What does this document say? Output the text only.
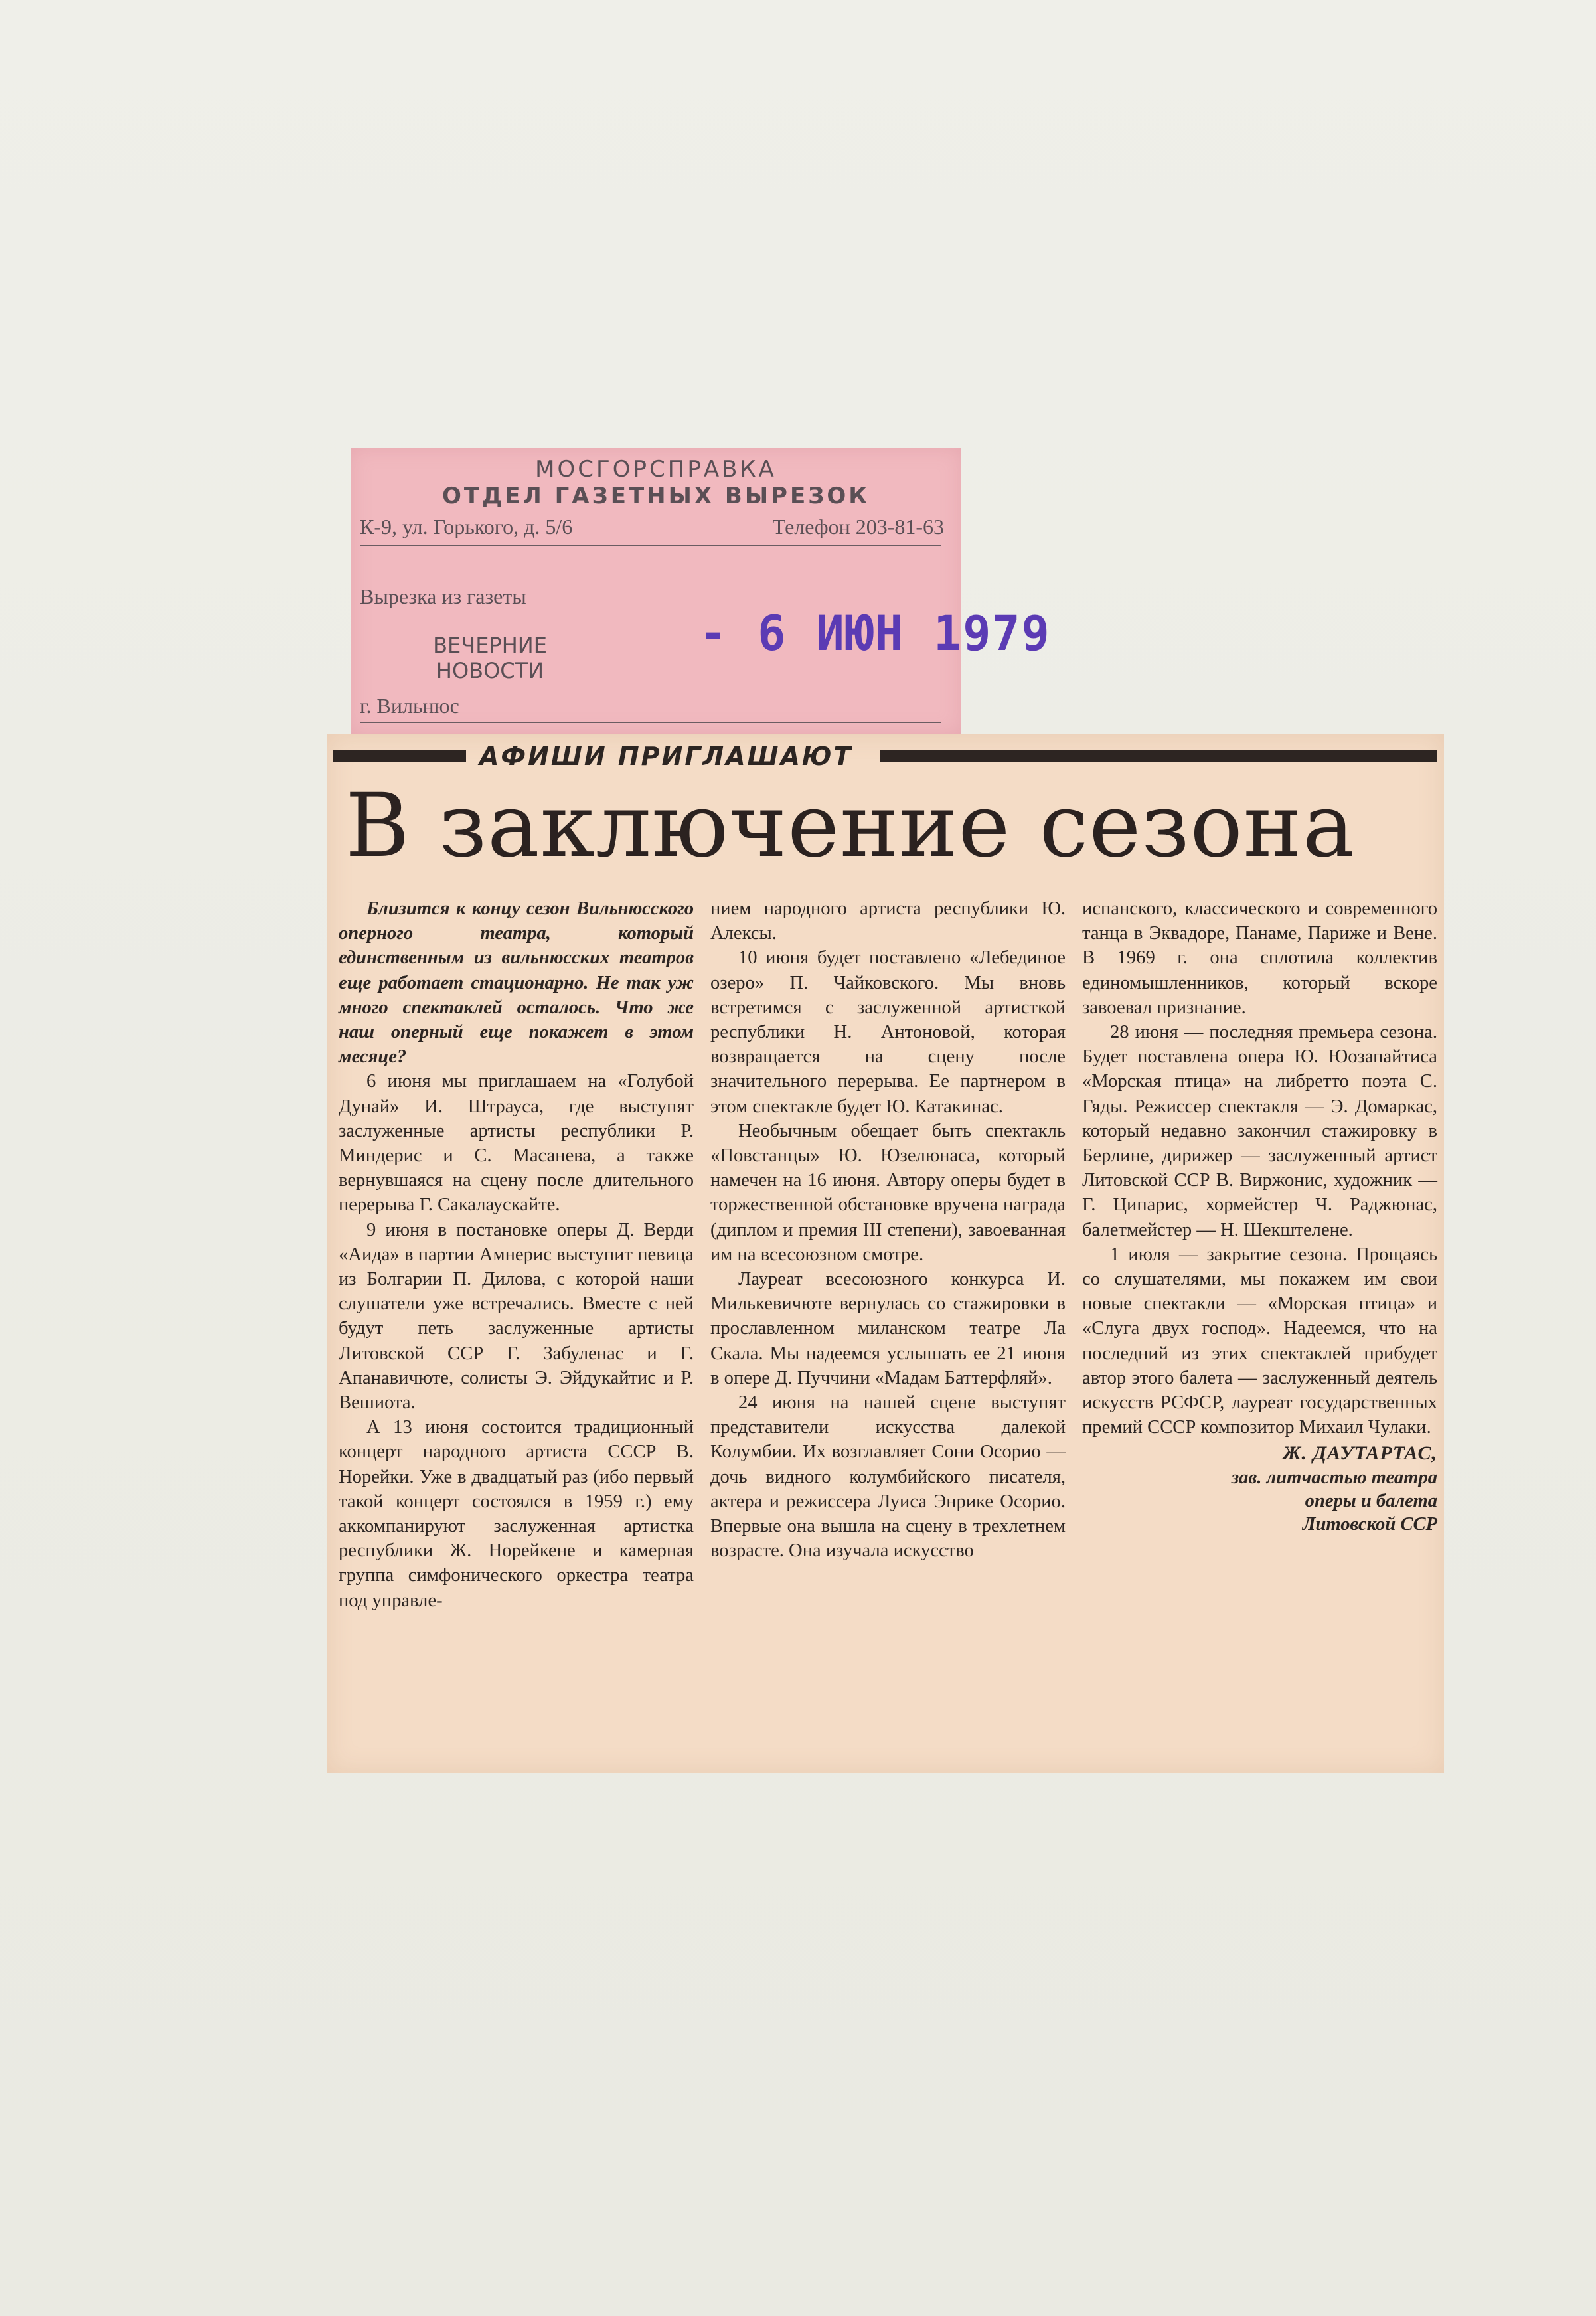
МОСГОРСПРАВКА
ОТДЕЛ ГАЗЕТНЫХ ВЫРЕЗОК
К-9, ул. Горького, д. 5/6	Телефон 203-81-63
Вырезка из газеты
ВЕЧЕРНИЕ
НОВОСТИ
- 6 ИЮН 1979
г. Вильнюс
АФИШИ ПРИГЛАШАЮТ
В заключение сезона

Близится к концу сезон Вильнюсского оперного театра, который единственным из вильнюсских театров еще работает стационарно. Не так уж много спектаклей осталось. Что же наш оперный еще покажет в этом месяце?

6 июня мы приглашаем на «Голубой Дунай» И. Штрауса, где выступят заслуженные артисты республики Р. Миндерис и С. Масанева, а также вернувшаяся на сцену после длительного перерыва Г. Сакалаускайте.

9 июня в постановке оперы Д. Верди «Аида» в партии Амнерис выступит певица из Болгарии П. Дилова, с которой наши слушатели уже встречались. Вместе с ней будут петь заслуженные артисты Литовской ССР Г. Забуленас и Г. Апанавичюте, солисты Э. Эйдукайтис и Р. Вешиота.

А 13 июня состоится традиционный концерт народного артиста СССР В. Норейки. Уже в двадцатый раз (ибо первый такой концерт состоялся в 1959 г.) ему аккомпанируют заслуженная артистка республики Ж. Норейкене и камерная группа симфонического оркестра театра под управле-

нием народного артиста республики Ю. Алексы.

10 июня будет поставлено «Лебединое озеро» П. Чайковского. Мы вновь встретимся с заслуженной артисткой республики Н. Антоновой, которая возвращается на сцену после значительного перерыва. Ее партнером в этом спектакле будет Ю. Катакинас.

Необычным обещает быть спектакль «Повстанцы» Ю. Юзелюнаса, который намечен на 16 июня. Автору оперы будет в торжественной обстановке вручена награда (диплом и премия III степени), завоеванная им на всесоюзном смотре.

Лауреат всесоюзного конкурса И. Милькевичюте вернулась со стажировки в прославленном миланском театре Ла Скала. Мы надеемся услышать ее 21 июня в опере Д. Пуччини «Мадам Баттерфляй».

24 июня на нашей сцене выступят представители искусства далекой Колумбии. Их возглавляет Сони Осорио — дочь видного колумбийского писателя, актера и режиссера Луиса Энрике Осорио. Впервые она вышла на сцену в трехлетнем возрасте. Она изучала искусство

испанского, классического и современного танца в Эквадоре, Панаме, Париже и Вене. В 1969 г. она сплотила коллектив единомышленников, который вскоре завоевал признание.

28 июня — последняя премьера сезона. Будет поставлена опера Ю. Юозапайтиса «Морская птица» на либретто поэта С. Гяды. Режиссер спектакля — Э. Домаркас, который недавно закончил стажировку в Берлине, дирижер — заслуженный артист Литовской ССР В. Виржонис, художник — Г. Ципарис, хормейстер Ч. Раджюнас, балетмейстер — Н. Шекштелене.

1 июля — закрытие сезона. Прощаясь со слушателями, мы покажем им свои новые спектакли — «Морская птица» и «Слуга двух господ». Надеемся, что на последний из этих спектаклей прибудет автор этого балета — заслуженный деятель искусств РСФСР, лауреат государственных премий СССР композитор Михаил Чулаки.

Ж. ДАУТАРТАС,
зав. литчастью театра
оперы и балета
Литовской ССР
